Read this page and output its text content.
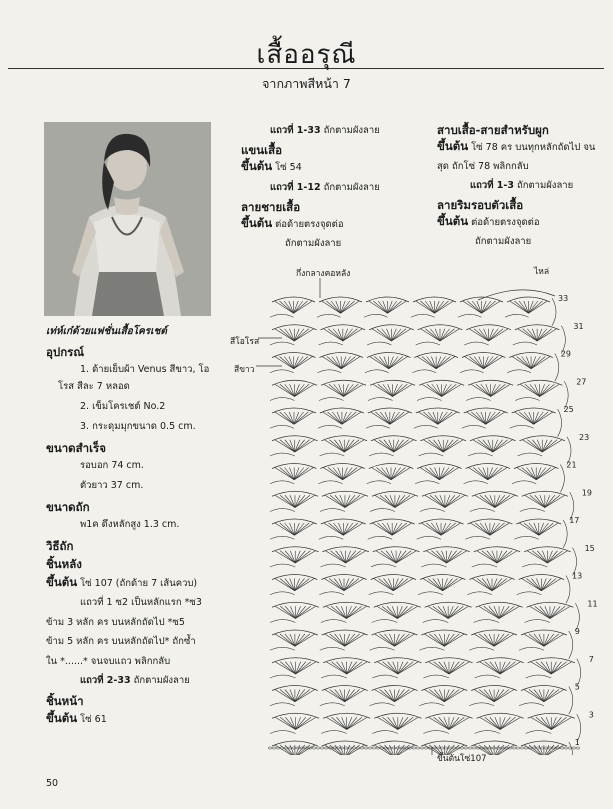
เสื้ออรุณี
จากภาพสีหน้า 7
เท่ห์เก๋ด้วยแฟชั่นเสื้อโครเชต์
อุปกรณ์
1. ด้ายเย็บผ้า Venus สีขาว, โอ
โรส สีละ 7 หลอด
2. เข็มโครเชต์ No.2
3. กระดุมมุกขนาด 0.5 cm.
ขนาดสำเร็จ
รอบอก 74 cm.
ตัวยาว 37 cm.
ขนาดถัก
พ1ค ดึงหลักสูง 1.3 cm.
วิธีถัก
ชิ้นหลัง
ขึ้นต้น โซ่ 107 (ถักด้าย 7 เส้นควบ)
แถวที่ 1 ซ2 เป็นหลักแรก *ซ3
ข้าม 3 หลัก คร บนหลักถัดไป *ซ5
ข้าม 5 หลัก คร บนหลักถัดไป* ถักซ้ำ
ใน *......* จนจบแถว พลิกกลับ
แถวที่ 2-33 ถักตามผังลาย
ชิ้นหน้า
ขึ้นต้น โซ่ 61
50
แถวที่ 1-33 ถักตามผังลาย
แขนเสื้อ
ขึ้นต้น โซ่ 54
แถวที่ 1-12 ถักตามผังลาย
ลายชายเสื้อ
ขึ้นต้น ต่อด้ายตรงจุดต่อ
ถักตามผังลาย
สาบเสื้อ-สายสำหรับผูก
ขึ้นต้น โซ่ 78 คร บนทุกหลักถัดไป จน
สุด ถักโซ่ 78 พลิกกลับ
แถวที่ 1-3 ถักตามผังลาย
ลายริมรอบตัวเสื้อ
ขึ้นต้น ต่อด้ายตรงจุดต่อ
ถักตามผังลาย
กึ่งกลางคอหลัง	ไหล่
สีโอโรส
สีขาว
ขึ้นต้นโซ่107
33
31
29
27
25
23
21
19
17
15
13
11
9
7
5
3
1
